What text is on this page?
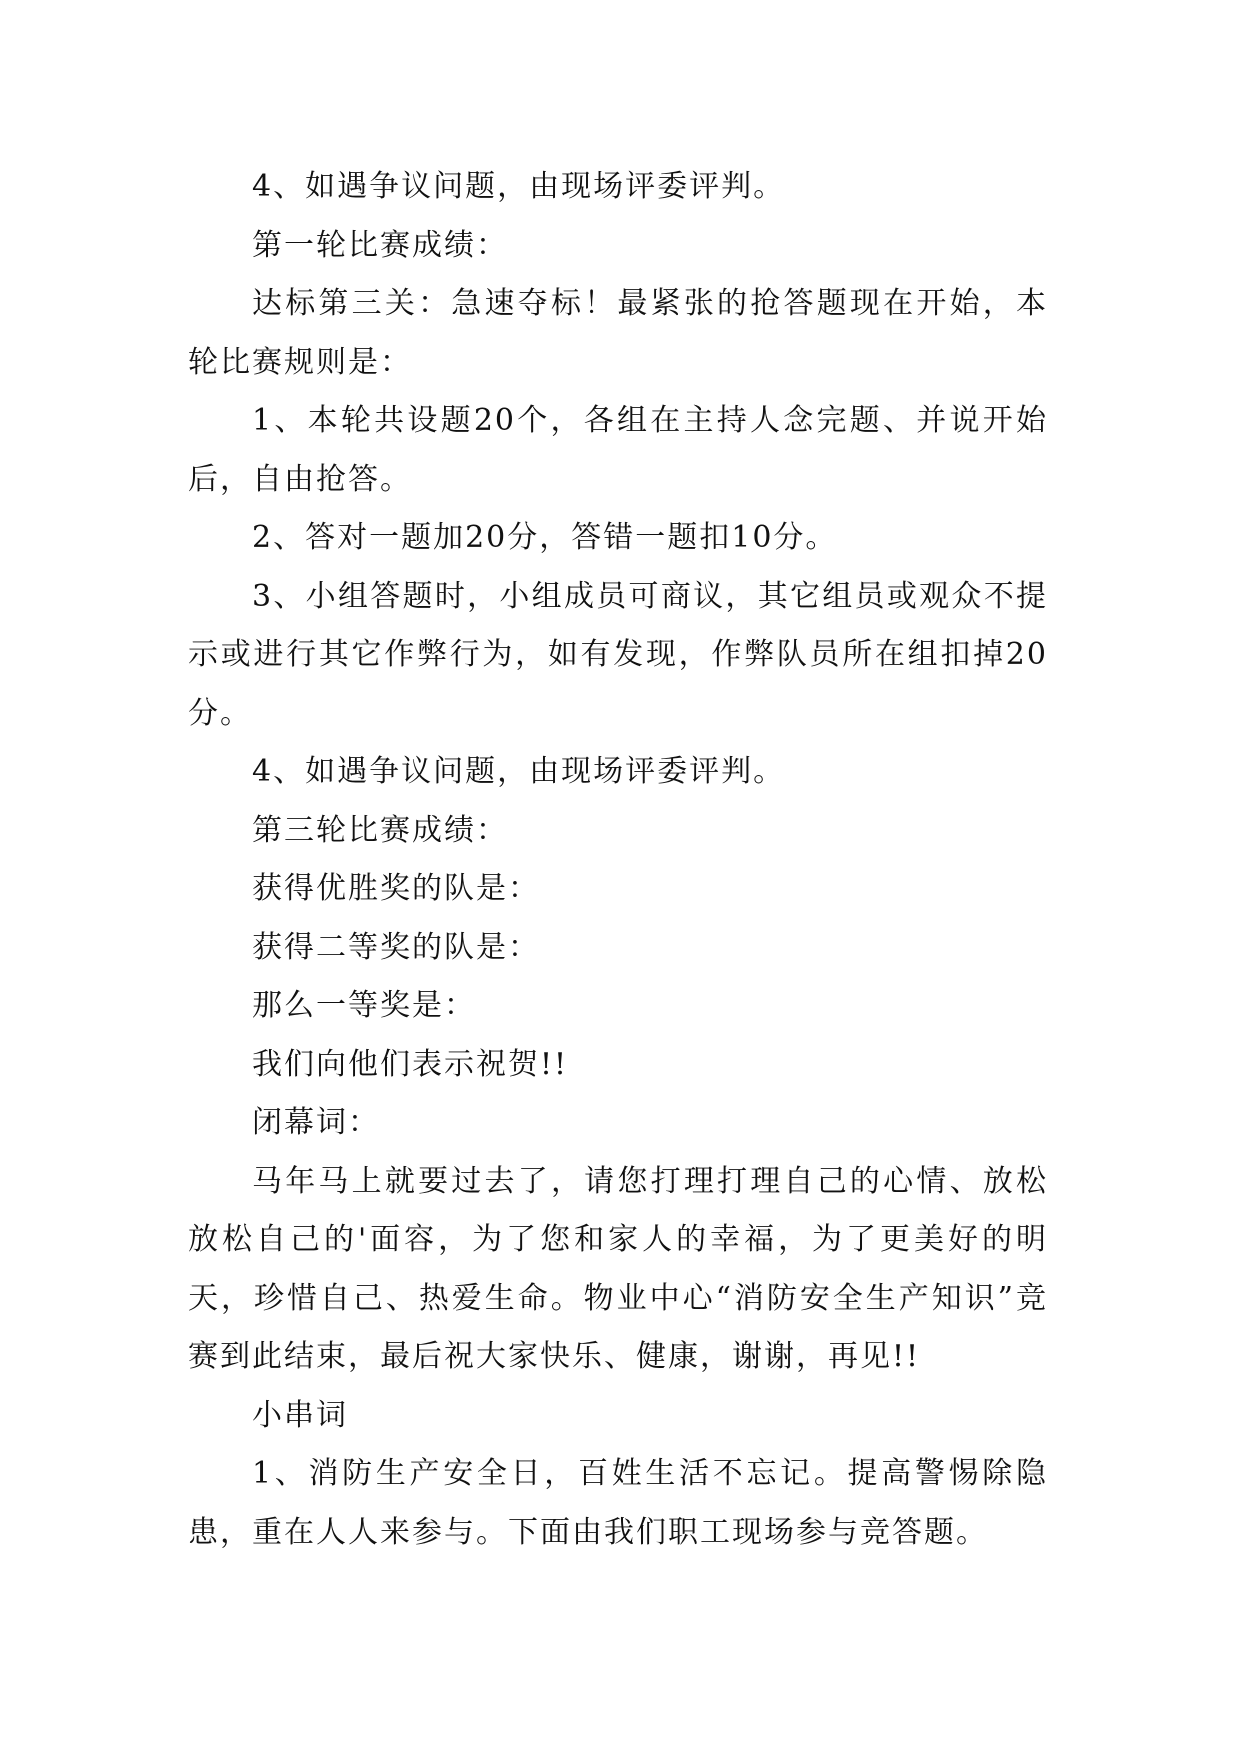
4、如遇争议问题，由现场评委评判。

第一轮比赛成绩：

达标第三关：急速夺标！最紧张的抢答题现在开始，本轮比赛规则是：

1、本轮共设题20个，各组在主持人念完题、并说开始后，自由抢答。

2、答对一题加20分，答错一题扣10分。

3、小组答题时，小组成员可商议，其它组员或观众不提示或进行其它作弊行为，如有发现，作弊队员所在组扣掉20分。

4、如遇争议问题，由现场评委评判。

第三轮比赛成绩：

获得优胜奖的队是：

获得二等奖的队是：

那么一等奖是：

我们向他们表示祝贺!!

闭幕词：

马年马上就要过去了，请您打理打理自己的心情、放松放松自己的'面容，为了您和家人的幸福，为了更美好的明天，珍惜自己、热爱生命。物业中心“消防安全生产知识”竞赛到此结束，最后祝大家快乐、健康，谢谢，再见!!

小串词

1、消防生产安全日，百姓生活不忘记。提高警惕除隐患，重在人人来参与。下面由我们职工现场参与竞答题。
